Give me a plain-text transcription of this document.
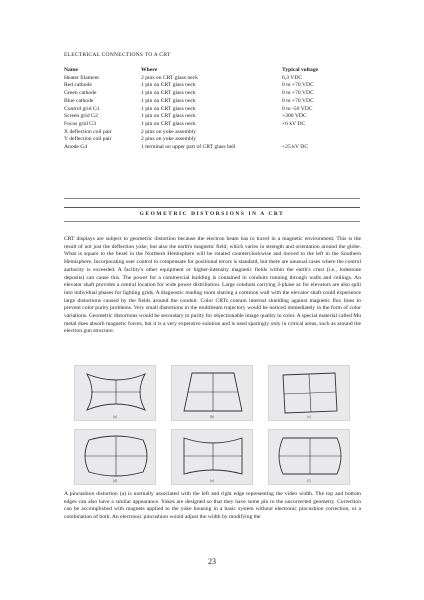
ELECTRICAL CONNECTIONS TO A CRT
Name	Where	Typical voltage
Heater filament	2 pins on CRT glass neck	6,3 VDC
Red cathode	1 pin on CRT glass neck	0 to +70 VDC
Green cathode	1 pin on CRT glass neck	0 to +70 VDC
Blue cathode	1 pin on CRT glass neck	0 to +70 VDC
Control grid G1	1 pin on CRT glass neck	0 to -50 VDC
Screen grid G2	1 pin on CRT glass neck	+300 VDC
Focus grid G3	1 pin on CRT glass neck	+6 kV DC
X deflection coil pair	2 pins on yoke assembly	
Y deflection coil pair	2 pins on yoke assembly	
Anode G4	1 terminal on upper part of CRT glass bell	+25 kV DC
GEOMETRIC DISTORSIONS IN A CRT

CRT displays are subject to geometric distortion because the electron beam has to travel in a magnetic environment. This is the result of not just the deflection yoke, but also the earth's magnetic field, which varies in strength and orientation around the globe. What is square to the bezel in the Northern Hemisphere will be rotated counterclockwise and moved to the left in the Southern Hemisphere. Incorporating user control to compensate for positional errors is standard, but there are unusual cases where the control authority is exceeded. A facility's other equipment or higher-intensity magnetic fields within the earth's crust (i.e., lodestone deposits) can cause this. The power for a commercial building is contained in conduits running through walls and ceilings. An elevator shaft provides a central location for wide power distribution. Large conduits carrying 3-phase ac for elevators are also split into individual phases for lighting grids. A diagnostic reading room sharing a common wall with the elevator shaft could experience large distortions caused by the fields around the conduit. Color CRTs contain internal shielding against magnetic flux lines to prevent color purity problems. Very small distortions in the multibeam trajectory would be noticed immediately in the form of color variations. Geometric distortions would be secondary to purity for objectionable image quality in color. A special material called Mu metal does absorb magnetic forces, but it is a very expensive solution and is used sparingly only in critical areas, such as around the electron gun structure.

(a)	(b)	(c)
(d)	(e)	(f)

A pincushion distortion (a) is normally associated with the left and right edge representing the video width. The top and bottom edges can also have a similar appearance. Yokes are designed so that they have some pin to the uncorrected geometry. Correction can be accomplished with magnets applied to the yoke housing in a basic system without electronic pincushion correction, or a combination of both. An electronic pincushion would adjust the width by modifying the

23
